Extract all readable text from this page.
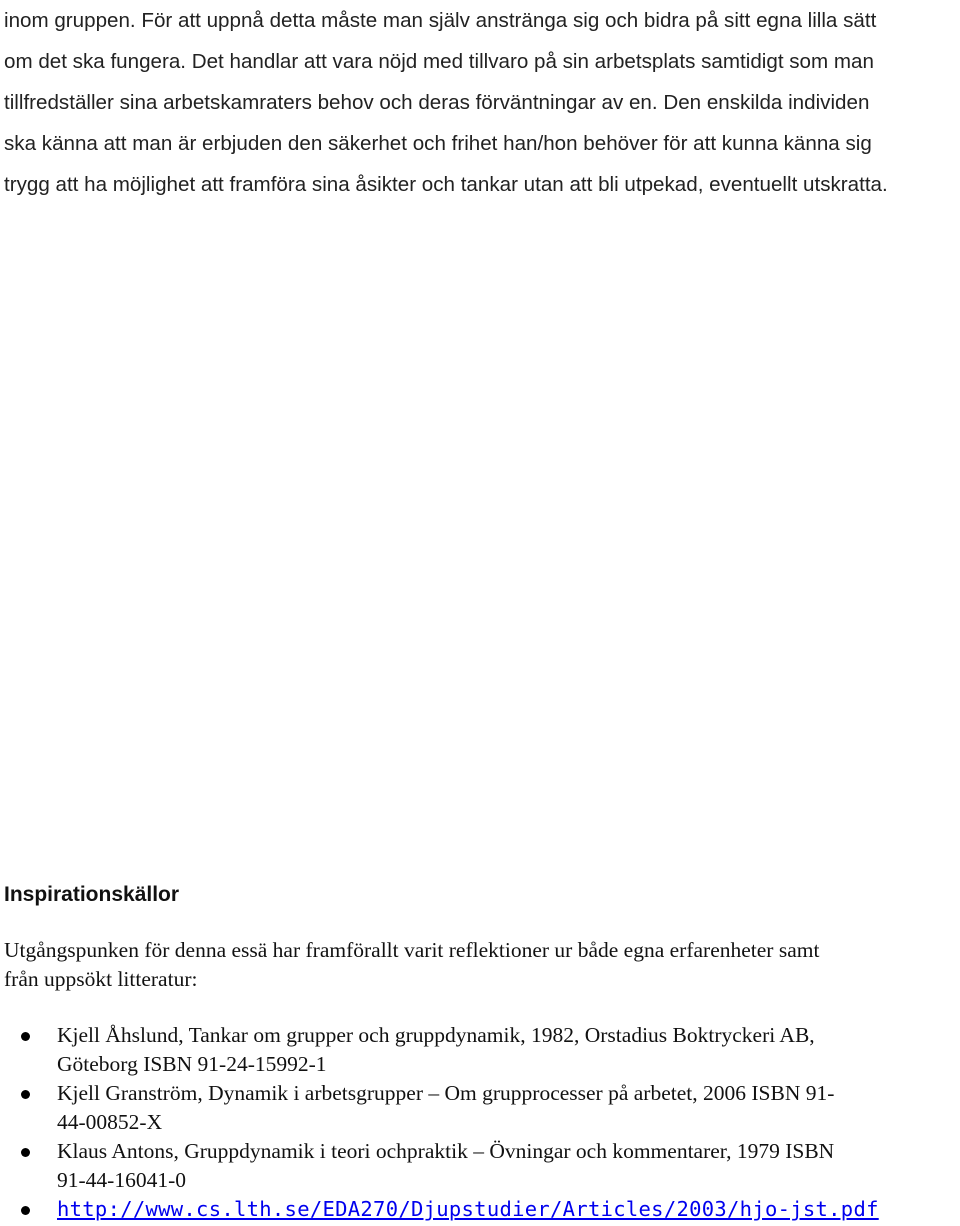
inom gruppen. För att uppnå detta måste man själv anstränga sig och bidra på sitt egna lilla sätt
om det ska fungera. Det handlar att vara nöjd med tillvaro på sin arbetsplats samtidigt som man
tillfredställer sina arbetskamraters behov och deras förväntningar av en. Den enskilda individen
ska känna att man är erbjuden den säkerhet och frihet han/hon behöver för att kunna känna sig
trygg att ha möjlighet att framföra sina åsikter och tankar utan att bli utpekad, eventuellt utskratta.

Inspirationskällor

Utgångspunken för denna essä har framförallt varit reflektioner ur både egna erfarenheter samt
från uppsökt litteratur:

Kjell Åhslund, Tankar om grupper och gruppdynamik, 1982, Orstadius Boktryckeri AB,
Göteborg ISBN 91-24-15992-1
Kjell Granström, Dynamik i arbetsgrupper – Om grupprocesser på arbetet, 2006 ISBN 91-
44-00852-X
Klaus Antons, Gruppdynamik i teori ochpraktik – Övningar och kommentarer, 1979 ISBN
91-44-16041-0
http://www.cs.lth.se/EDA270/Djupstudier/Articles/2003/hjo-jst.pdf
